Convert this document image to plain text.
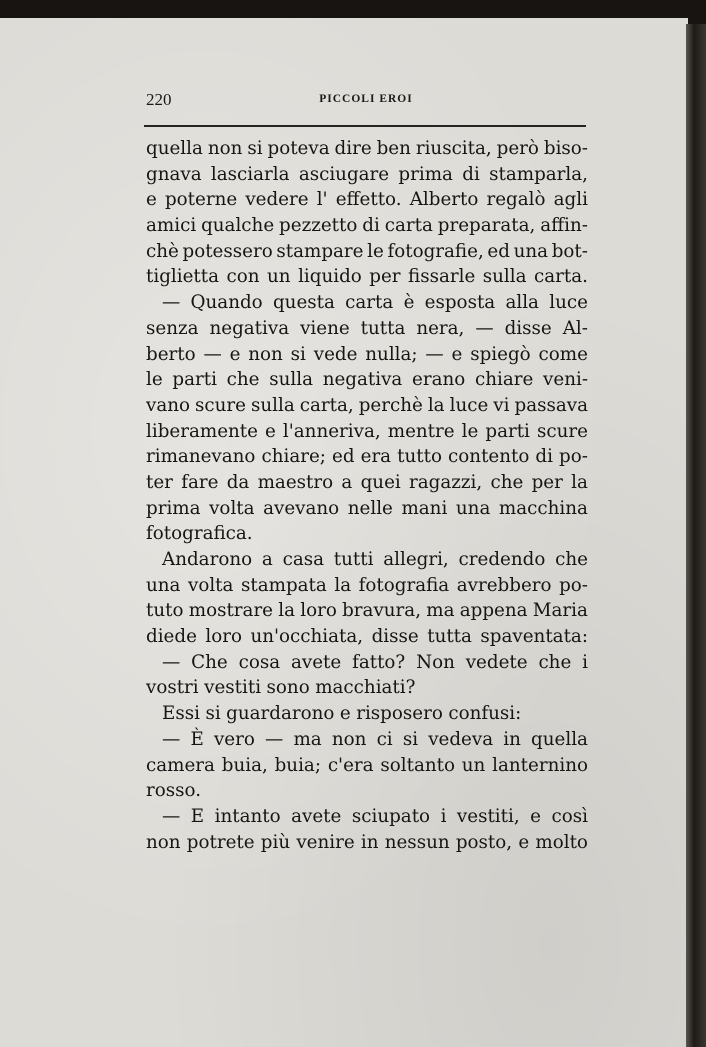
220	PICCOLI EROI
quella non si poteva dire ben riuscita, però biso-
gnava lasciarla asciugare prima di stamparla,
e poterne vedere l' effetto. Alberto regalò agli
amici qualche pezzetto di carta preparata, affin-
chè potessero stampare le fotografie, ed una bot-
tiglietta con un liquido per fissarle sulla carta.
— Quando questa carta è esposta alla luce
senza negativa viene tutta nera, — disse Al-
berto — e non si vede nulla; — e spiegò come
le parti che sulla negativa erano chiare veni-
vano scure sulla carta, perchè la luce vi passava
liberamente e l'anneriva, mentre le parti scure
rimanevano chiare; ed era tutto contento di po-
ter fare da maestro a quei ragazzi, che per la
prima volta avevano nelle mani una macchina
fotografica.
Andarono a casa tutti allegri, credendo che
una volta stampata la fotografia avrebbero po-
tuto mostrare la loro bravura, ma appena Maria
diede loro un'occhiata, disse tutta spaventata:
— Che cosa avete fatto? Non vedete che i
vostri vestiti sono macchiati?
Essi si guardarono e risposero confusi:
— È vero — ma non ci si vedeva in quella
camera buia, buia; c'era soltanto un lanternino
rosso.
— E intanto avete sciupato i vestiti, e così
non potrete più venire in nessun posto, e molto
